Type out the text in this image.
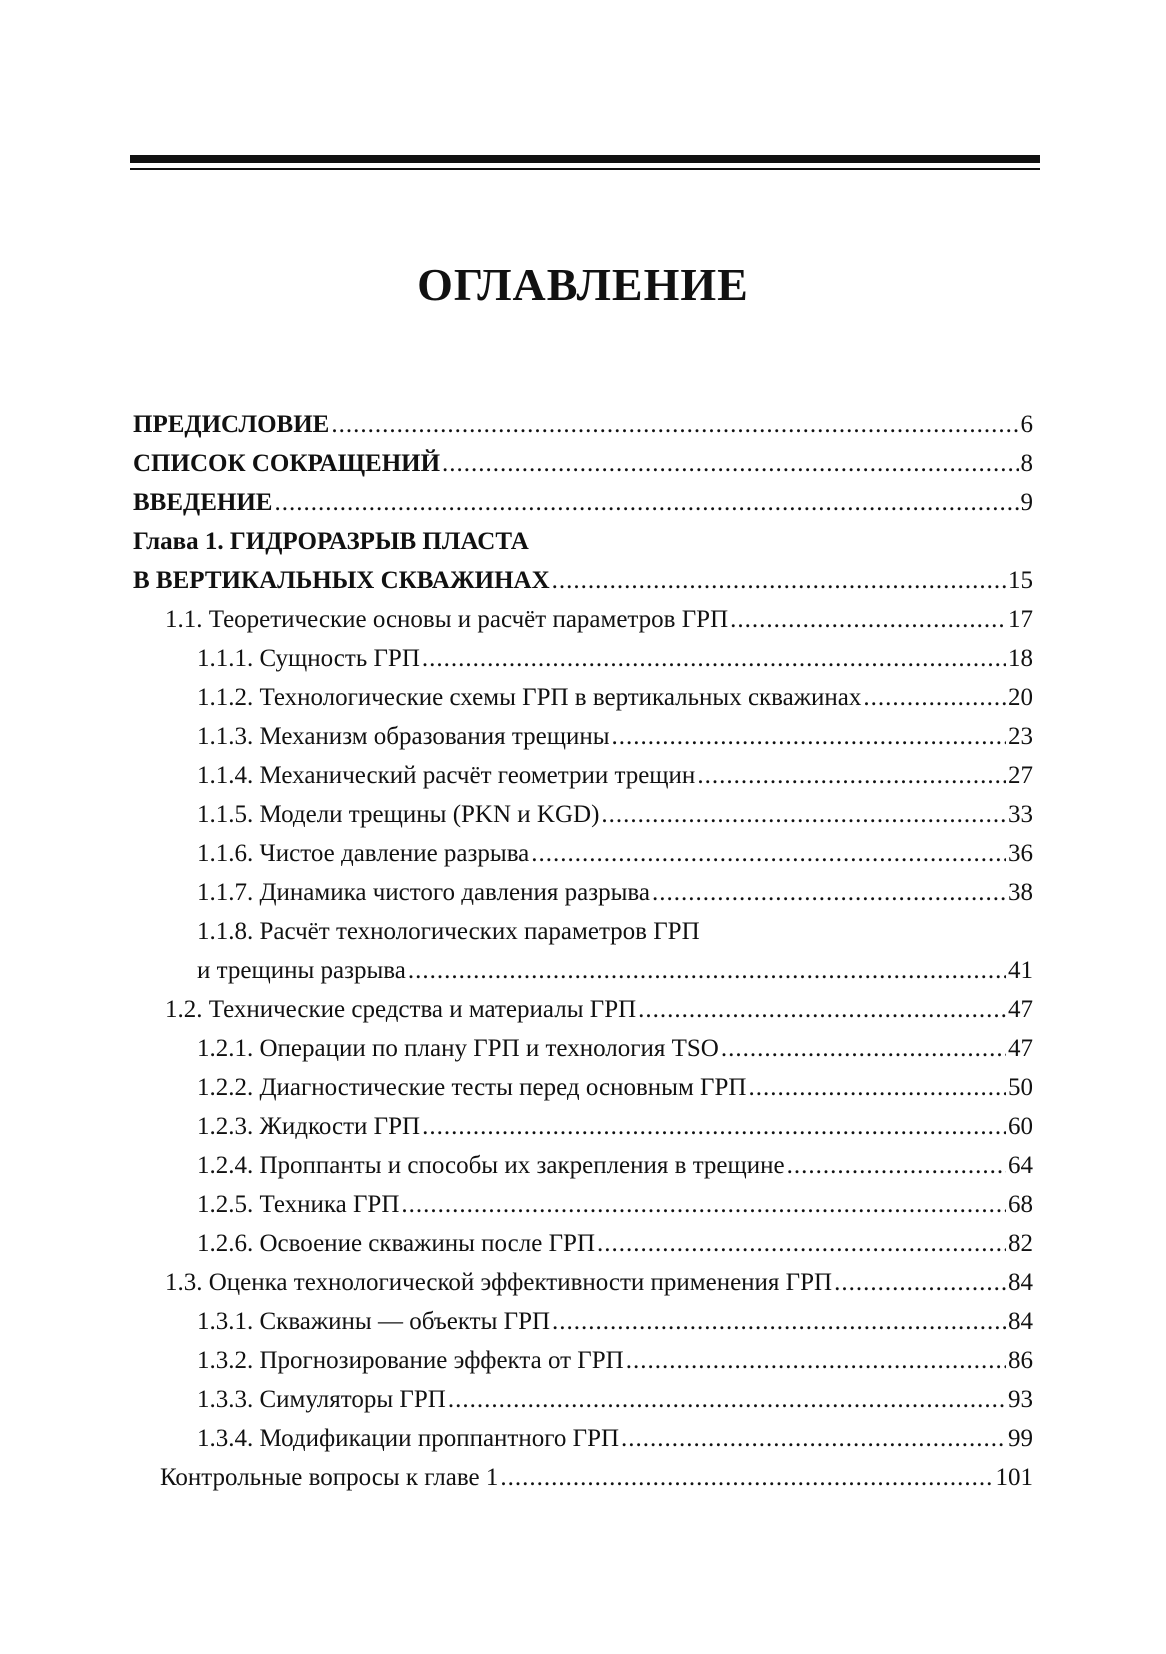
ОГЛАВЛЕНИЕ
ПРЕДИСЛОВИЕ .....	6
СПИСОК СОКРАЩЕНИЙ .....	8
ВВЕДЕНИЕ .....	9
Глава 1. ГИДРОРАЗРЫВ ПЛАСТА
В ВЕРТИКАЛЬНЫХ СКВАЖИНАХ .....	15
1.1. Теоретические основы и расчёт параметров ГРП .....	17
1.1.1. Сущность ГРП .....	18
1.1.2. Технологические схемы ГРП в вертикальных скважинах .....	20
1.1.3. Механизм образования трещины .....	23
1.1.4. Механический расчёт геометрии трещин .....	27
1.1.5. Модели трещины (PKN и KGD) .....	33
1.1.6. Чистое давление разрыва .....	36
1.1.7. Динамика чистого давления разрыва .....	38
1.1.8. Расчёт технологических параметров ГРП
и трещины разрыва .....	41
1.2. Технические средства и материалы ГРП .....	47
1.2.1. Операции по плану ГРП и технология TSO .....	47
1.2.2. Диагностические тесты перед основным ГРП .....	50
1.2.3. Жидкости ГРП .....	60
1.2.4. Проппанты и способы их закрепления в трещине .....	64
1.2.5. Техника ГРП .....	68
1.2.6. Освоение скважины после ГРП .....	82
1.3. Оценка технологической эффективности применения ГРП .....	84
1.3.1. Скважины — объекты ГРП .....	84
1.3.2. Прогнозирование эффекта от ГРП .....	86
1.3.3. Симуляторы ГРП .....	93
1.3.4. Модификации проппантного ГРП .....	99
Контрольные вопросы к главе 1 .....	101
